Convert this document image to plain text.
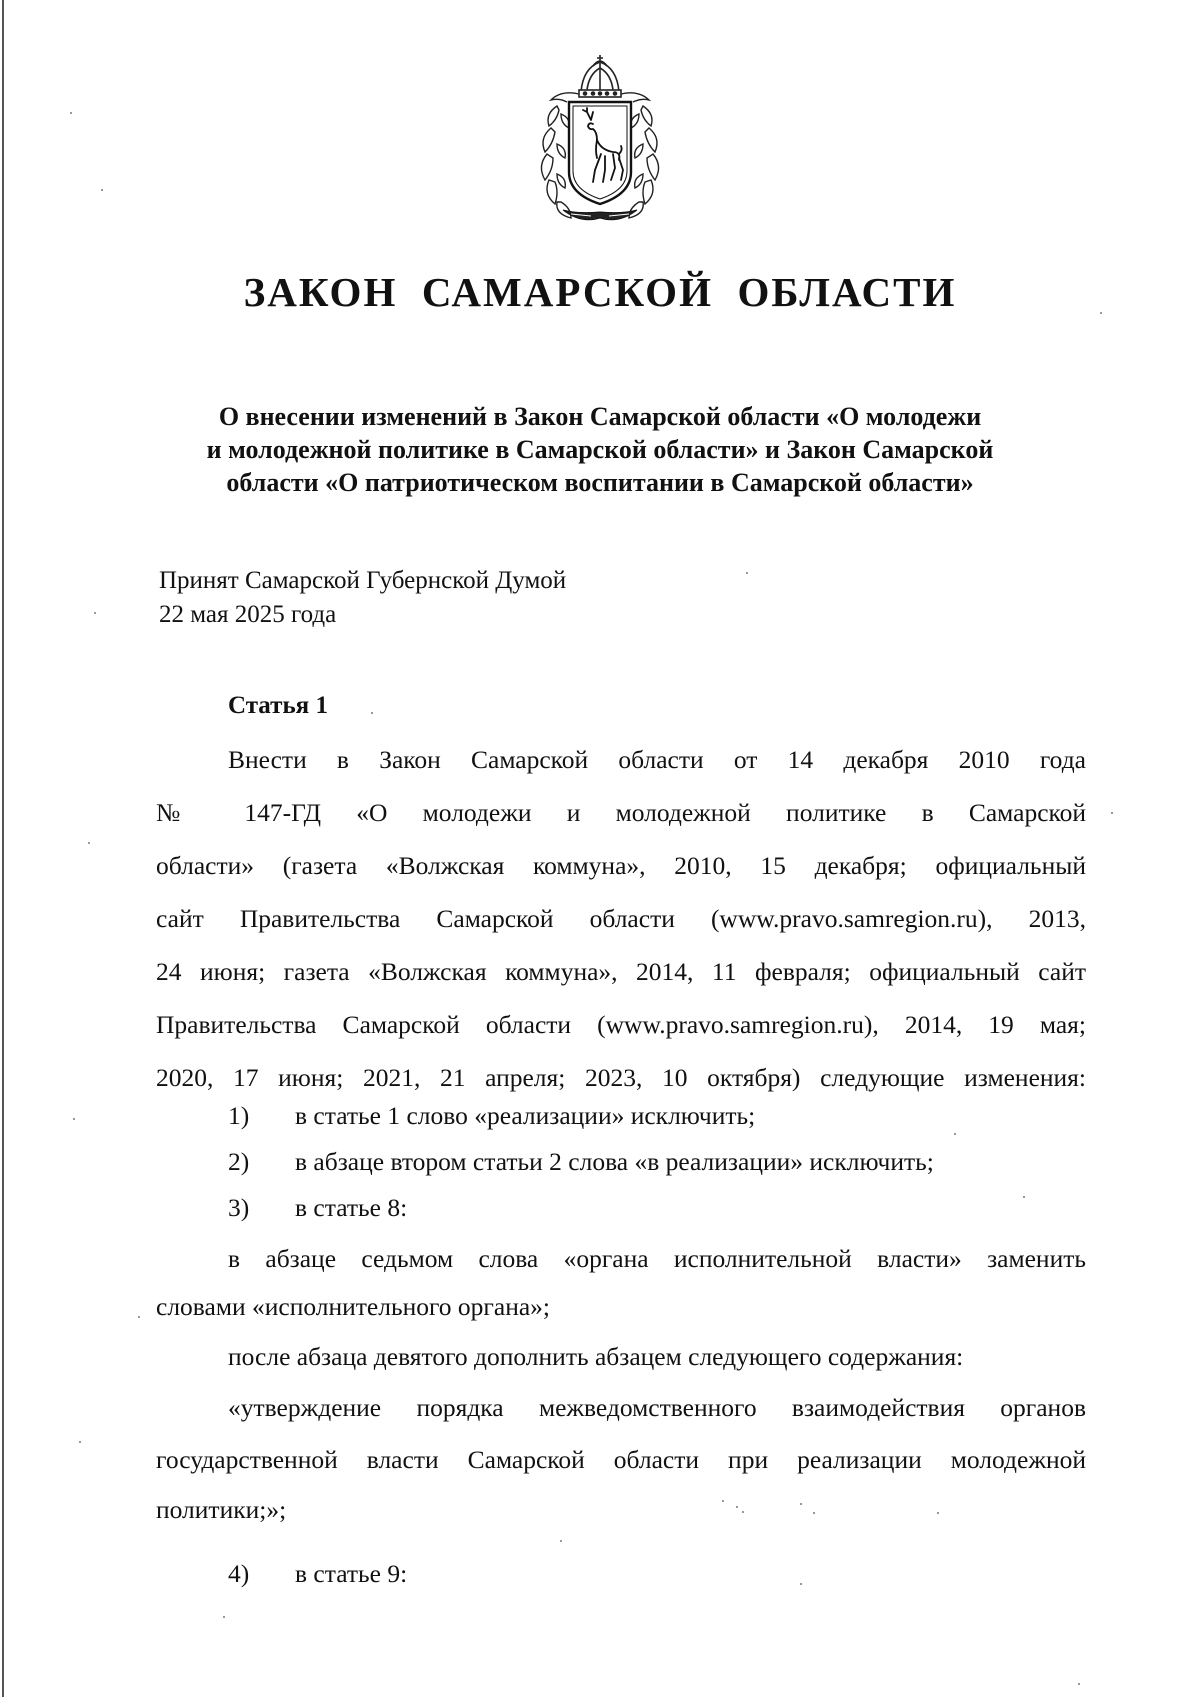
ЗАКОН  САМАРСКОЙ  ОБЛАСТИ
О внесении изменений в Закон Самарской области «О молодежи
и молодежной политике в Самарской области» и Закон Самарской
области «О патриотическом воспитании в Самарской области»
Принят Самарской Губернской Думой
22 мая 2025 года
Статья 1
Внести в Закон Самарской области от 14 декабря 2010 года
№ 147-ГД «О молодежи и молодежной политике в Самарской
области» (газета «Волжская коммуна», 2010, 15 декабря; официальный
сайт Правительства Самарской области (www.pravo.samregion.ru), 2013,
24 июня; газета «Волжская коммуна», 2014, 11 февраля; официальный сайт
Правительства Самарской области (www.pravo.samregion.ru), 2014, 19 мая;
2020, 17 июня; 2021, 21 апреля; 2023, 10 октября) следующие изменения:
1) в статье 1 слово «реализации» исключить;
2) в абзаце втором статьи 2 слова «в реализации» исключить;
3) в статье 8:
в абзаце седьмом слова «органа исполнительной власти» заменить
словами «исполнительного органа»;
после абзаца девятого дополнить абзацем следующего содержания:
«утверждение порядка межведомственного взаимодействия органов
государственной власти Самарской области при реализации молодежной
политики;»;
4) в статье 9:
